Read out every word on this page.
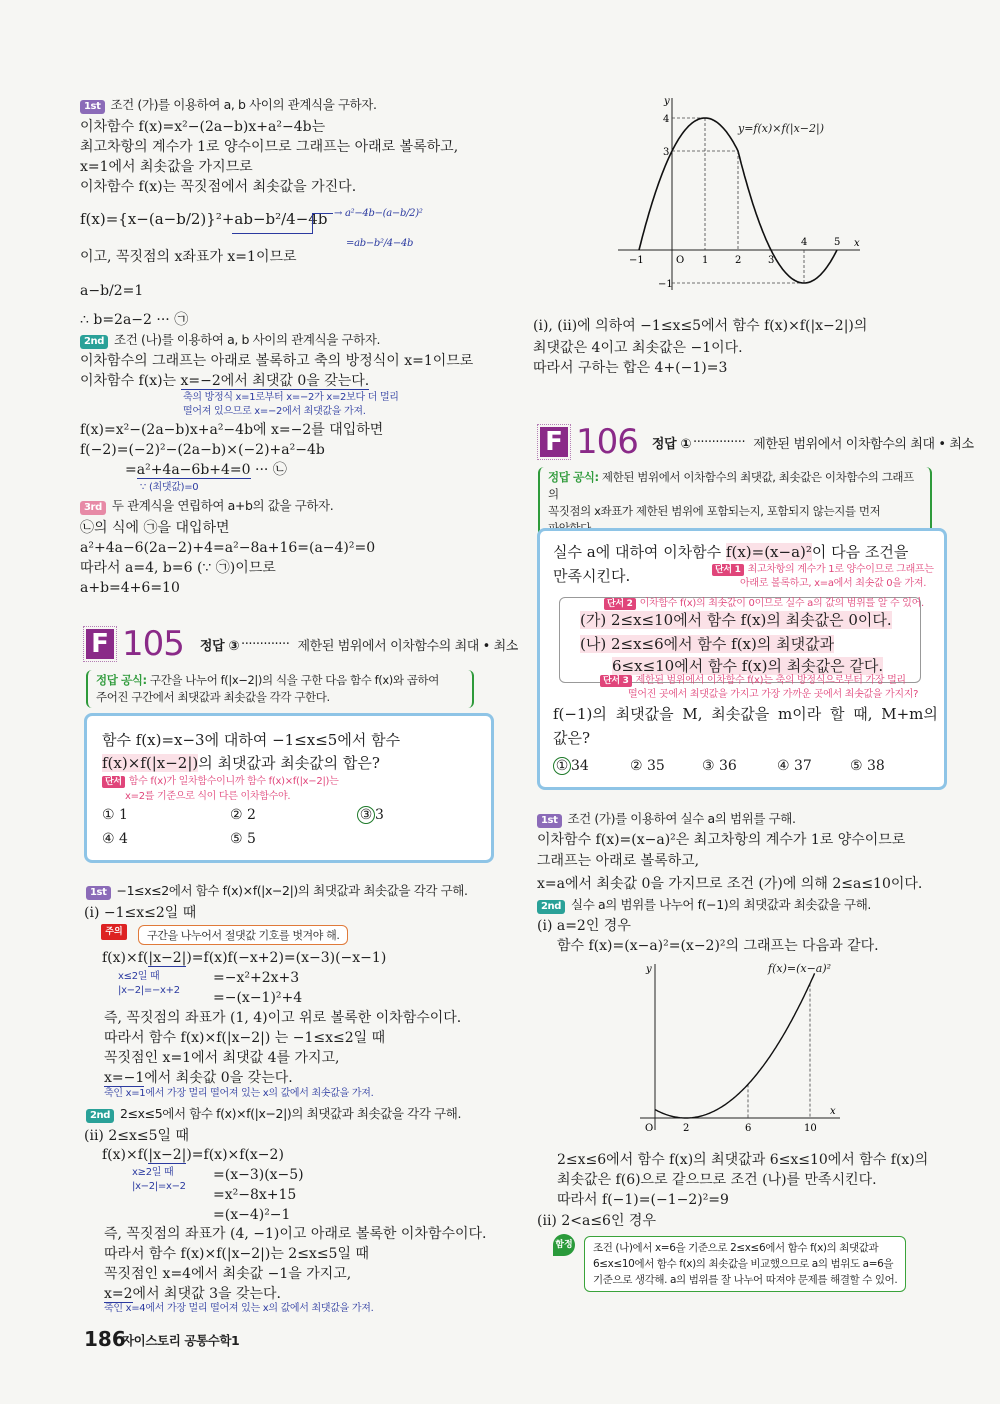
1st 조건 (가)를 이용하여 a, b 사이의 관계식을 구하자.
이차함수 f(x)=x²−(2a−b)x+a²−4b는
최고차항의 계수가 1로 양수이므로 그래프는 아래로 볼록하고,
x=1에서 최솟값을 가지므로
이차함수 f(x)는 꼭짓점에서 최솟값을 가진다.
f(x)={x−(a−b/2)}²+ab−b²/4−4b → a²−4b−(a−b/2)²
=ab−b²/4−4b
이고, 꼭짓점의 x좌표가 x=1이므로
a−b/2=1
∴ b=2a−2 ··· ㉠
2nd 조건 (나)를 이용하여 a, b 사이의 관계식을 구하자.
이차함수의 그래프는 아래로 볼록하고 축의 방정식이 x=1이므로
이차함수 f(x)는 x=−2에서 최댓값 0을 갖는다.
축의 방정식 x=1로부터 x=−2가 x=2보다 더 멀리
떨어져 있으므로 x=−2에서 최댓값을 가져.
f(x)=x²−(2a−b)x+a²−4b에 x=−2를 대입하면
f(−2)=(−2)²−(2a−b)×(−2)+a²−4b
=a²+4a−6b+4=0 ··· ㉡
∵ (최댓값)=0
3rd 두 관계식을 연립하여 a+b의 값을 구하자.
㉡의 식에 ㉠을 대입하면
a²+4a−6(2a−2)+4=a²−8a+16=(a−4)²=0
따라서 a=4, b=6 (∵ ㉠)이므로
a+b=4+6=10
F 105 정답 ③ ············· 제한된 범위에서 이차함수의 최대 • 최소
정답 공식: 구간을 나누어 f(|x−2|)의 식을 구한 다음 함수 f(x)와 곱하여
주어진 구간에서 최댓값과 최솟값을 각각 구한다.
함수 f(x)=x−3에 대하여 −1≤x≤5에서 함수
f(x)×f(|x−2|)의 최댓값과 최솟값의 합은?
단서 함수 f(x)가 일차함수이니까 함수 f(x)×f(|x−2|)는
x=2를 기준으로 식이 다른 이차함수야.
① 1	② 2	③ 3
④ 4	⑤ 5
1st −1≤x≤2에서 함수 f(x)×f(|x−2|)의 최댓값과 최솟값을 각각 구해.
(i) −1≤x≤2일 때
주의	구간을 나누어서 절댓값 기호를 벗겨야 해.
f(x)×f(|x−2|)=f(x)f(−x+2)=(x−3)(−x−1)
=−x²+2x+3
=−(x−1)²+4
x≤2일 때
|x−2|=−x+2
즉, 꼭짓점의 좌표가 (1, 4)이고 위로 볼록한 이차함수이다.
따라서 함수 f(x)×f(|x−2|) 는 −1≤x≤2일 때
꼭짓점인 x=1에서 최댓값 4를 가지고,
x=−1에서 최솟값 0을 갖는다.
축인 x=1에서 가장 멀리 떨어져 있는 x의 값에서 최솟값을 가져.
2nd 2≤x≤5에서 함수 f(x)×f(|x−2|)의 최댓값과 최솟값을 각각 구해.
(ii) 2≤x≤5일 때
f(x)×f(|x−2|)=f(x)×f(x−2)
=(x−3)(x−5)
=x²−8x+15
=(x−4)²−1
x≥2일 때
|x−2|=x−2
즉, 꼭짓점의 좌표가 (4, −1)이고 아래로 볼록한 이차함수이다.
따라서 함수 f(x)×f(|x−2|)는 2≤x≤5일 때
꼭짓점인 x=4에서 최솟값 −1을 가지고,
x=2에서 최댓값 3을 갖는다.
축인 x=4에서 가장 멀리 떨어져 있는 x의 값에서 최댓값을 가져.
186
자이스토리 공통수학1
x
y
O
−1	1	2	3
4	5
4
3
−1
y=f(x)×f(|x−2|)
(i), (ii)에 의하여 −1≤x≤5에서 함수 f(x)×f(|x−2|)의
최댓값은 4이고 최솟값은 −1이다.
따라서 구하는 합은 4+(−1)=3
F 106 정답 ① ·············· 제한된 범위에서 이차함수의 최대 • 최소
정답 공식: 제한된 범위에서 이차함수의 최댓값, 최솟값은 이차함수의 그래프의
꼭짓점의 x좌표가 제한된 범위에 포함되는지, 포함되지 않는지를 먼저

실수 a에 대하여 이차함수 f(x)=(x−a)²이 다음 조건을
만족시킨다.	단서 1 최고차항의 계수가 1로 양수이므로 그래프는
아래로 볼록하고, x=a에서 최솟값 0을 가져.
단서 2 이차함수 f(x)의 최솟값이 0이므로 실수 a의 값의 범위를 알 수 있어.
(가) 2≤x≤10에서 함수 f(x)의 최솟값은 0이다.
(나) 2≤x≤6에서 함수 f(x)의 최댓값과
6≤x≤10에서 함수 f(x)의 최솟값은 같다.
단서 3 제한된 범위에서 이차함수 f(x)는 축의 방정식으로부터 가장 멀리
떨어진 곳에서 최댓값을 가지고 가장 가까운 곳에서 최솟값을 가지지?
f(−1)의 최댓값을 M, 최솟값을 m이라 할 때, M+m의
값은?
① 34	② 35	③ 36	④ 37	⑤ 38
1st 조건 (가)를 이용하여 실수 a의 범위를 구해.
이차함수 f(x)=(x−a)²은 최고차항의 계수가 1로 양수이므로
그래프는 아래로 볼록하고,
x=a에서 최솟값 0을 가지므로 조건 (가)에 의해 2≤a≤10이다.
2nd 실수 a의 범위를 나누어 f(−1)의 최댓값과 최솟값을 구해.
(i) a=2인 경우
함수 f(x)=(x−a)²=(x−2)²의 그래프는 다음과 같다.
x
y
O	2	6	10
f(x)=(x−a)²
2≤x≤6에서 함수 f(x)의 최댓값과 6≤x≤10에서 함수 f(x)의
최솟값은 f(6)으로 같으므로 조건 (나)를 만족시킨다.
따라서 f(−1)=(−1−2)²=9
(ii) 2<a≤6인 경우
함정	조건 (나)에서 x=6을 기준으로 2≤x≤6에서 함수 f(x)의 최댓값과
6≤x≤10에서 함수 f(x)의 최솟값을 비교했으므로 a의 범위도 a=6을
기준으로 생각해. a의 범위를 잘 나누어 따져야 문제를 해결할 수 있어.
